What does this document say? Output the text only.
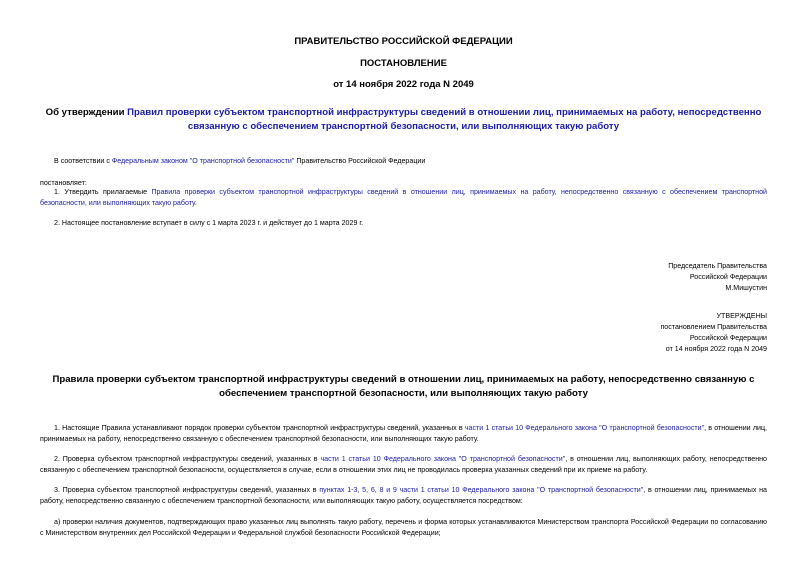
ПРАВИТЕЛЬСТВО РОССИЙСКОЙ ФЕДЕРАЦИИ
ПОСТАНОВЛЕНИЕ
от 14 ноября 2022 года N 2049
Об утверждении Правил проверки субъектом транспортной инфраструктуры сведений в отношении лиц, принимаемых на работу, непосредственно связанную с обеспечением транспортной безопасности, или выполняющих такую работу
В соответствии с Федеральным законом "О транспортной безопасности" Правительство Российской Федерации
постановляет:
1. Утвердить прилагаемые Правила проверки субъектом транспортной инфраструктуры сведений в отношении лиц, принимаемых на работу, непосредственно связанную с обеспечением транспортной безопасности, или выполняющих такую работу.
2. Настоящее постановление вступает в силу с 1 марта 2023 г. и действует до 1 марта 2029 г.
Председатель Правительства
Российской Федерации
М.Мишустин
УТВЕРЖДЕНЫ
постановлением Правительства
Российской Федерации
от 14 ноября 2022 года N 2049
Правила проверки субъектом транспортной инфраструктуры сведений в отношении лиц, принимаемых на работу, непосредственно связанную с обеспечением транспортной безопасности, или выполняющих такую работу
1. Настоящие Правила устанавливают порядок проверки субъектом транспортной инфраструктуры сведений, указанных в части 1 статьи 10 Федерального закона "О транспортной безопасности", в отношении лиц, принимаемых на работу, непосредственно связанную с обеспечением транспортной безопасности, или выполняющих такую работу.
2. Проверка субъектом транспортной инфраструктуры сведений, указанных в части 1 статьи 10 Федерального закона "О транспортной безопасности", в отношении лиц, выполняющих работу, непосредственно связанную с обеспечением транспортной безопасности, осуществляется в случае, если в отношении этих лиц не проводилась проверка указанных сведений при их приеме на работу.
3. Проверка субъектом транспортной инфраструктуры сведений, указанных в пунктах 1-3, 5, 6, 8 и 9 части 1 статьи 10 Федерального закона "О транспортной безопасности", в отношении лиц, принимаемых на работу, непосредственно связанную с обеспечением транспортной безопасности, или выполняющих такую работу, осуществляется посредством:
а) проверки наличия документов, подтверждающих право указанных лиц выполнять такую работу, перечень и форма которых устанавливаются Министерством транспорта Российской Федерации по согласованию с Министерством внутренних дел Российской Федерации и Федеральной службой безопасности Российской Федерации;
